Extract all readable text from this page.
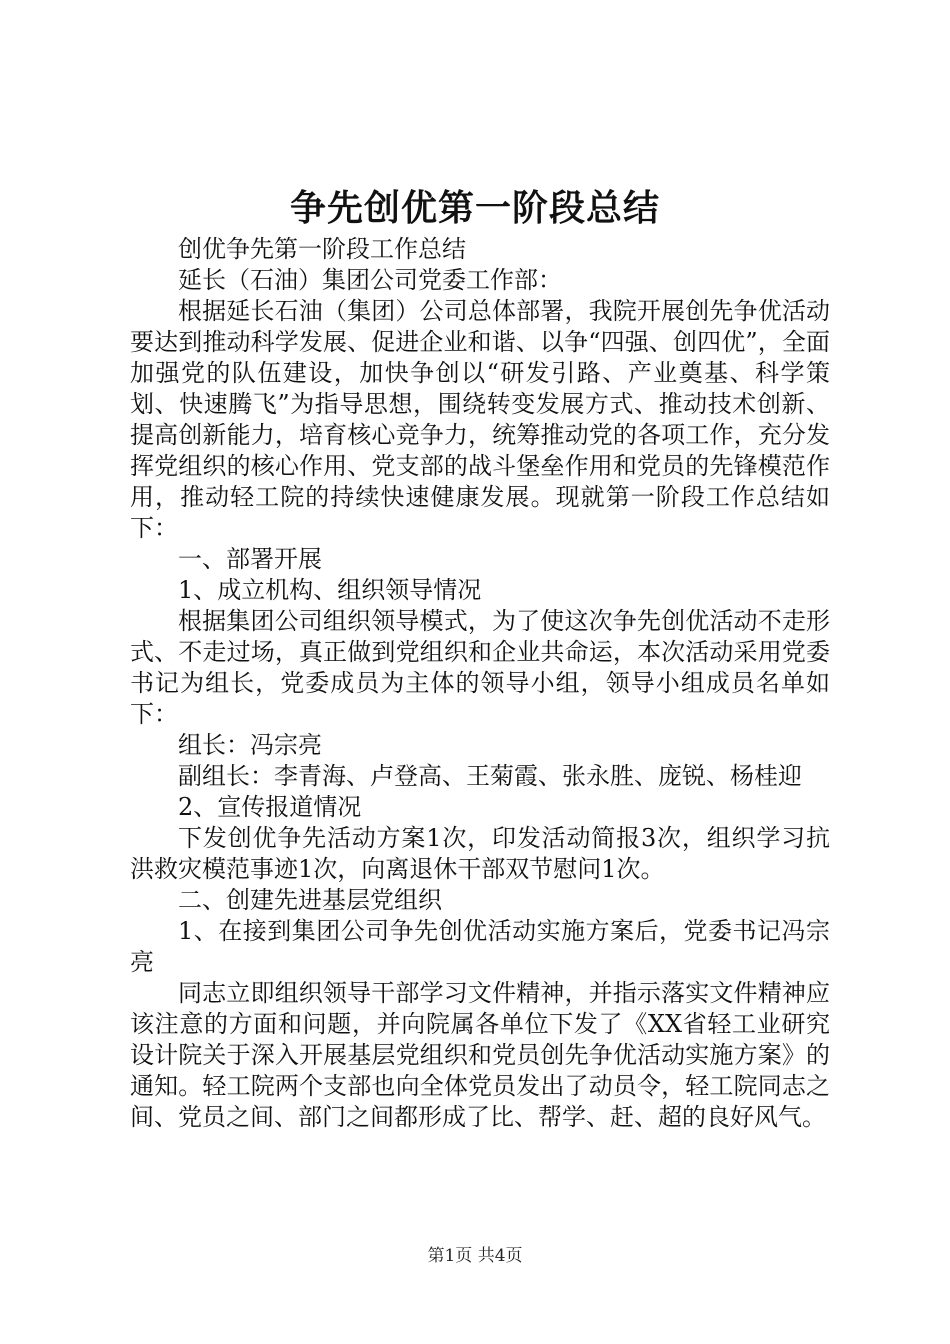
争先创优第一阶段总结

创优争先第一阶段工作总结

延长（石油）集团公司党委工作部：

根据延长石油（集团）公司总体部署，我院开展创先争优活动要达到推动科学发展、促进企业和谐、以争“四强、创四优”，全面加强党的队伍建设，加快争创以“研发引路、产业奠基、科学策划、快速腾飞”为指导思想，围绕转变发展方式、推动技术创新、提高创新能力，培育核心竞争力，统筹推动党的各项工作，充分发挥党组织的核心作用、党支部的战斗堡垒作用和党员的先锋模范作用，推动轻工院的持续快速健康发展。现就第一阶段工作总结如下：

一、部署开展

1、成立机构、组织领导情况

根据集团公司组织领导模式，为了使这次争先创优活动不走形式、不走过场，真正做到党组织和企业共命运，本次活动采用党委书记为组长，党委成员为主体的领导小组，领导小组成员名单如下：

组长：冯宗亮

副组长：李青海、卢登高、王菊霞、张永胜、庞锐、杨桂迎

2、宣传报道情况

下发创优争先活动方案1次，印发活动简报3次，组织学习抗洪救灾模范事迹1次，向离退休干部双节慰问1次。

二、创建先进基层党组织

1、在接到集团公司争先创优活动实施方案后，党委书记冯宗亮

同志立即组织领导干部学习文件精神，并指示落实文件精神应该注意的方面和问题，并向院属各单位下发了《XX省轻工业研究设计院关于深入开展基层党组织和党员创先争优活动实施方案》的通知。轻工院两个支部也向全体党员发出了动员令，轻工院同志之间、党员之间、部门之间都形成了比、帮学、赶、超的良好风气。

第1页 共4页
